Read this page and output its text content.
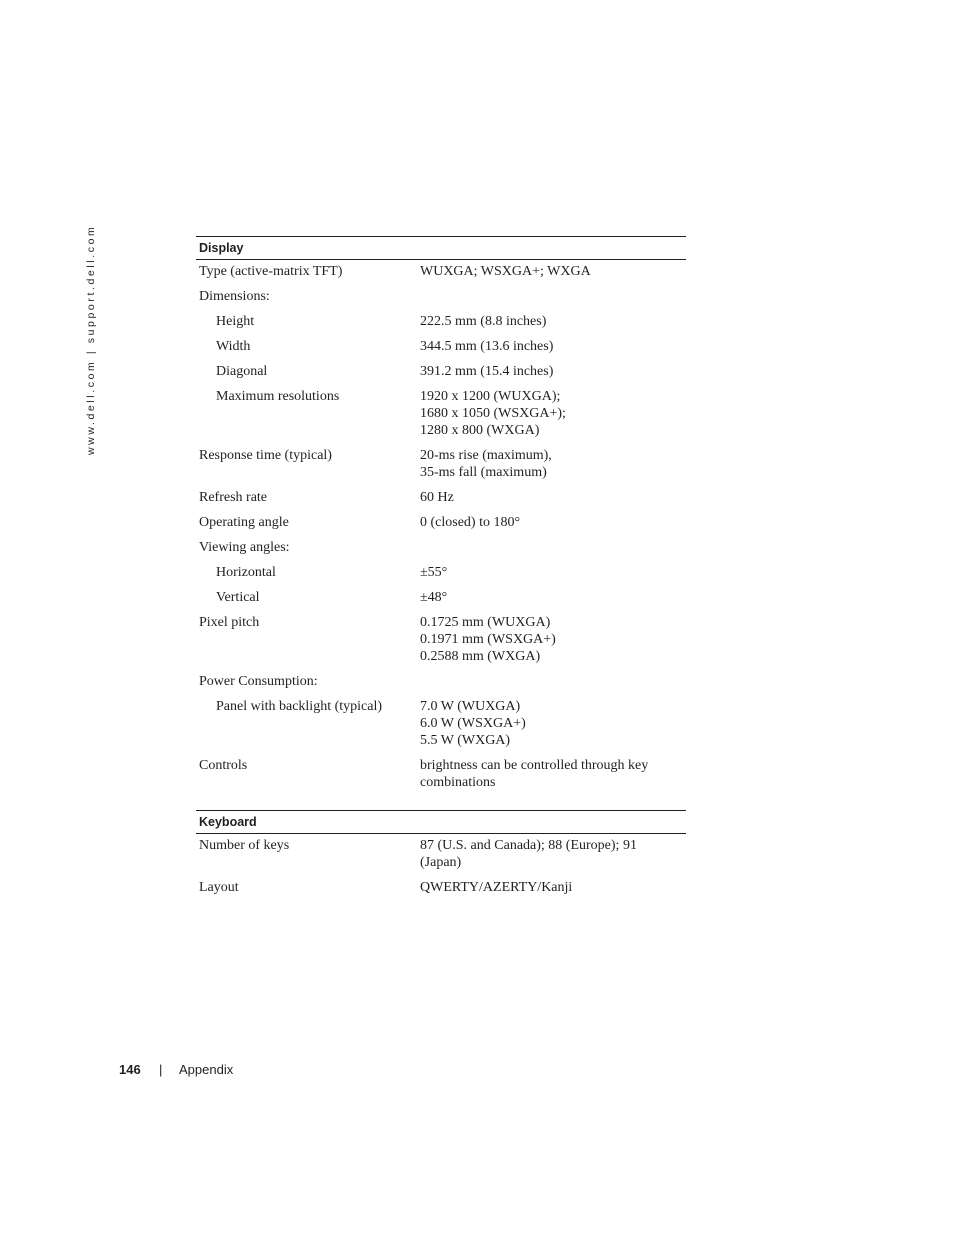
www.dell.com | support.dell.com	Display
Type (active-matrix TFT)	WUXGA; WSXGA+; WXGA
Dimensions:
Height	222.5 mm (8.8 inches)
Width	344.5 mm (13.6 inches)
Diagonal	391.2 mm (15.4 inches)
Maximum resolutions	1920 x 1200 (WUXGA);
1680 x 1050 (WSXGA+);
1280 x 800 (WXGA)
Response time (typical)	20-ms rise (maximum),
35-ms fall (maximum)
Refresh rate	60 Hz
Operating angle	0 (closed) to 180°
Viewing angles:
Horizontal	±55°
Vertical	±48°
Pixel pitch	0.1725 mm (WUXGA)
0.1971 mm (WSXGA+)
0.2588 mm (WXGA)
Power Consumption:
Panel with backlight (typical)	7.0 W (WUXGA)
6.0 W (WSXGA+)
5.5 W (WXGA)
Controls	brightness can be controlled through key combinations
Keyboard
Number of keys	87 (U.S. and Canada); 88 (Europe); 91 (Japan)
Layout	QWERTY/AZERTY/Kanji
146 | Appendix
